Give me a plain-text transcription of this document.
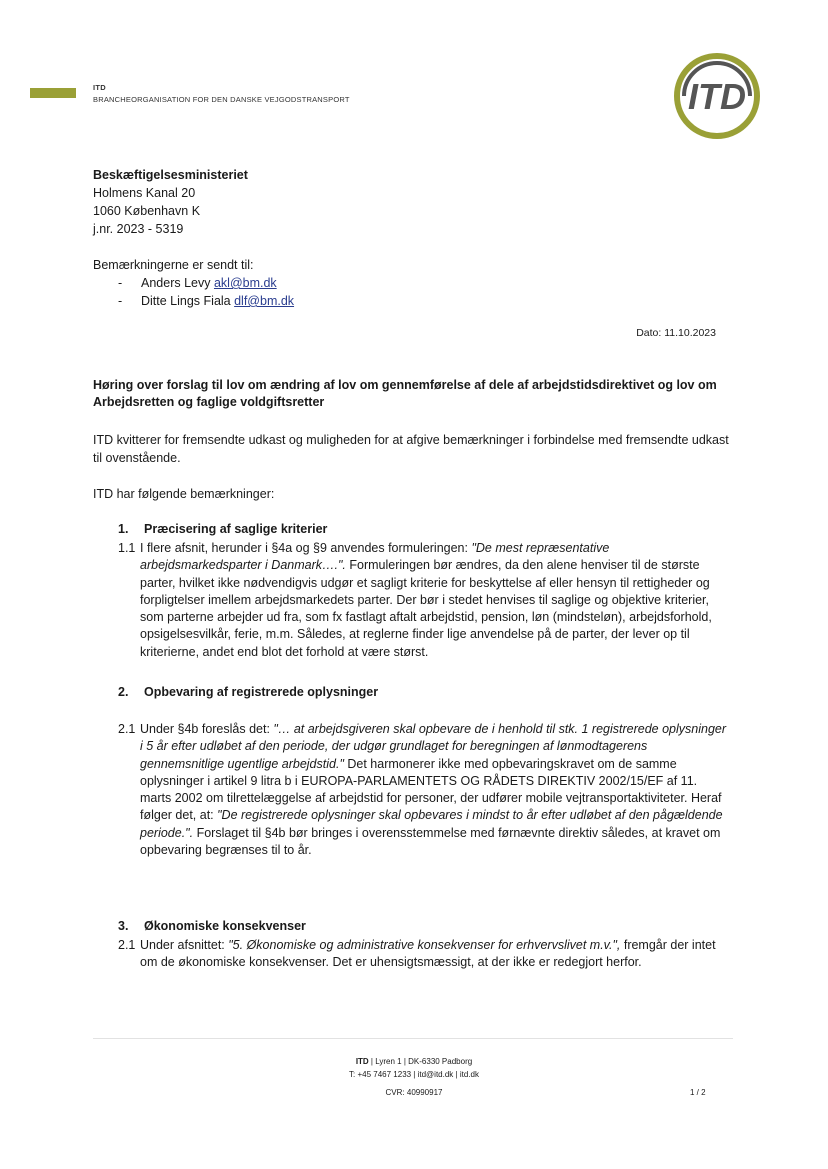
ITD
BRANCHEORGANISATION FOR DEN DANSKE VEJGODSTRANSPORT	ITD
Beskæftigelsesministeriet
Holmens Kanal 20
1060 København K
j.nr. 2023 - 5319
Bemærkningerne er sendt til:
- Anders Levy akl@bm.dk
- Ditte Lings Fiala dlf@bm.dk
Dato: 11.10.2023
Høring over forslag til lov om ændring af lov om gennemførelse af dele af arbejdstidsdirektivet og lov om Arbejdsretten og faglige voldgiftsretter
ITD kvitterer for fremsendte udkast og muligheden for at afgive bemærkninger i forbindelse med fremsendte udkast til ovenstående.
ITD har følgende bemærkninger:
1. Præcisering af saglige kriterier
1.1 I flere afsnit, herunder i §4a og §9 anvendes formuleringen: "De mest repræsentative arbejdsmarkedsparter i Danmark….". Formuleringen bør ændres, da den alene henviser til de største parter, hvilket ikke nødvendigvis udgør et sagligt kriterie for beskyttelse af eller hensyn til rettigheder og forpligtelser imellem arbejdsmarkedets parter. Der bør i stedet henvises til saglige og objektive kriterier, som parterne arbejder ud fra, som fx fastlagt aftalt arbejdstid, pension, løn (mindsteløn), arbejdsforhold, opsigelsesvilkår, ferie, m.m. Således, at reglerne finder lige anvendelse på de parter, der lever op til kriterierne, andet end blot det forhold at være størst.
2. Opbevaring af registrerede oplysninger
2.1 Under §4b foreslås det: "… at arbejdsgiveren skal opbevare de i henhold til stk. 1 registrerede oplysninger i 5 år efter udløbet af den periode, der udgør grundlaget for beregningen af lønmodtagerens gennemsnitlige ugentlige arbejdstid." Det harmonerer ikke med opbevaringskravet om de samme oplysninger i artikel 9 litra b i EUROPA-PARLAMENTETS OG RÅDETS DIREKTIV 2002/15/EF af 11. marts 2002 om tilrettelæggelse af arbejdstid for personer, der udfører mobile vejtransportaktiviteter. Heraf følger det, at: "De registrerede oplysninger skal opbevares i mindst to år efter udløbet af den pågældende periode.". Forslaget til §4b bør bringes i overensstemmelse med førnævnte direktiv således, at kravet om opbevaring begrænses til to år.
3. Økonomiske konsekvenser
2.1 Under afsnittet: "5. Økonomiske og administrative konsekvenser for erhvervslivet m.v.", fremgår der intet om de økonomiske konsekvenser. Det er uhensigtsmæssigt, at der ikke er redegjort herfor.
ITD | Lyren 1 | DK-6330 Padborg
T: +45 7467 1233 | itd@itd.dk | itd.dk
CVR: 40990917	1 / 2
